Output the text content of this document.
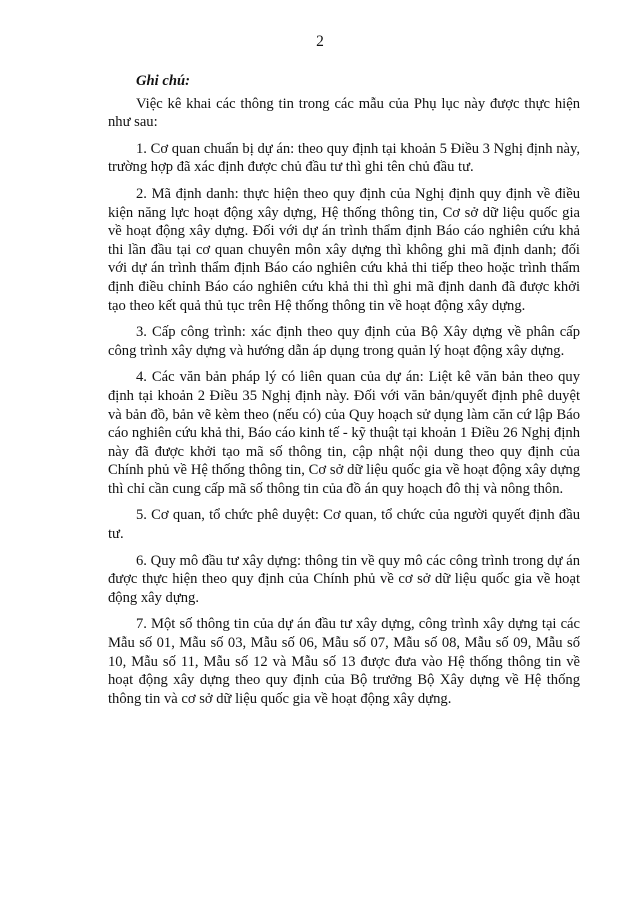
2

Ghi chú:

Việc kê khai các thông tin trong các mẫu của Phụ lục này được thực hiện như sau:

1. Cơ quan chuẩn bị dự án: theo quy định tại khoản 5 Điều 3 Nghị định này, trường hợp đã xác định được chủ đầu tư thì ghi tên chủ đầu tư.

2. Mã định danh: thực hiện theo quy định của Nghị định quy định về điều kiện năng lực hoạt động xây dựng, Hệ thống thông tin, Cơ sở dữ liệu quốc gia về hoạt động xây dựng. Đối với dự án trình thẩm định Báo cáo nghiên cứu khả thi lần đầu tại cơ quan chuyên môn xây dựng thì không ghi mã định danh; đối với dự án trình thẩm định Báo cáo nghiên cứu khả thi tiếp theo hoặc trình thẩm định điều chỉnh Báo cáo nghiên cứu khả thi thì ghi mã định danh đã được khởi tạo theo kết quả thủ tục trên Hệ thống thông tin về hoạt động xây dựng.

3. Cấp công trình: xác định theo quy định của Bộ Xây dựng về phân cấp công trình xây dựng và hướng dẫn áp dụng trong quản lý hoạt động xây dựng.

4. Các văn bản pháp lý có liên quan của dự án: Liệt kê văn bản theo quy định tại khoản 2 Điều 35 Nghị định này. Đối với văn bản/quyết định phê duyệt và bản đồ, bản vẽ kèm theo (nếu có) của Quy hoạch sử dụng làm căn cứ lập Báo cáo nghiên cứu khả thi, Báo cáo kinh tế - kỹ thuật tại khoản 1 Điều 26 Nghị định này đã được khởi tạo mã số thông tin, cập nhật nội dung theo quy định của Chính phủ về Hệ thống thông tin, Cơ sở dữ liệu quốc gia về hoạt động xây dựng thì chỉ cần cung cấp mã số thông tin của đồ án quy hoạch đô thị và nông thôn.

5. Cơ quan, tổ chức phê duyệt: Cơ quan, tổ chức của người quyết định đầu tư.

6. Quy mô đầu tư xây dựng: thông tin về quy mô các công trình trong dự án được thực hiện theo quy định của Chính phủ về cơ sở dữ liệu quốc gia về hoạt động xây dựng.

7. Một số thông tin của dự án đầu tư xây dựng, công trình xây dựng tại các Mẫu số 01, Mẫu số 03, Mẫu số 06, Mẫu số 07, Mẫu số 08, Mẫu số 09, Mẫu số 10, Mẫu số 11, Mẫu số 12 và Mẫu số 13 được đưa vào Hệ thống thông tin về hoạt động xây dựng theo quy định của Bộ trưởng Bộ Xây dựng về Hệ thống thông tin và cơ sở dữ liệu quốc gia về hoạt động xây dựng.
